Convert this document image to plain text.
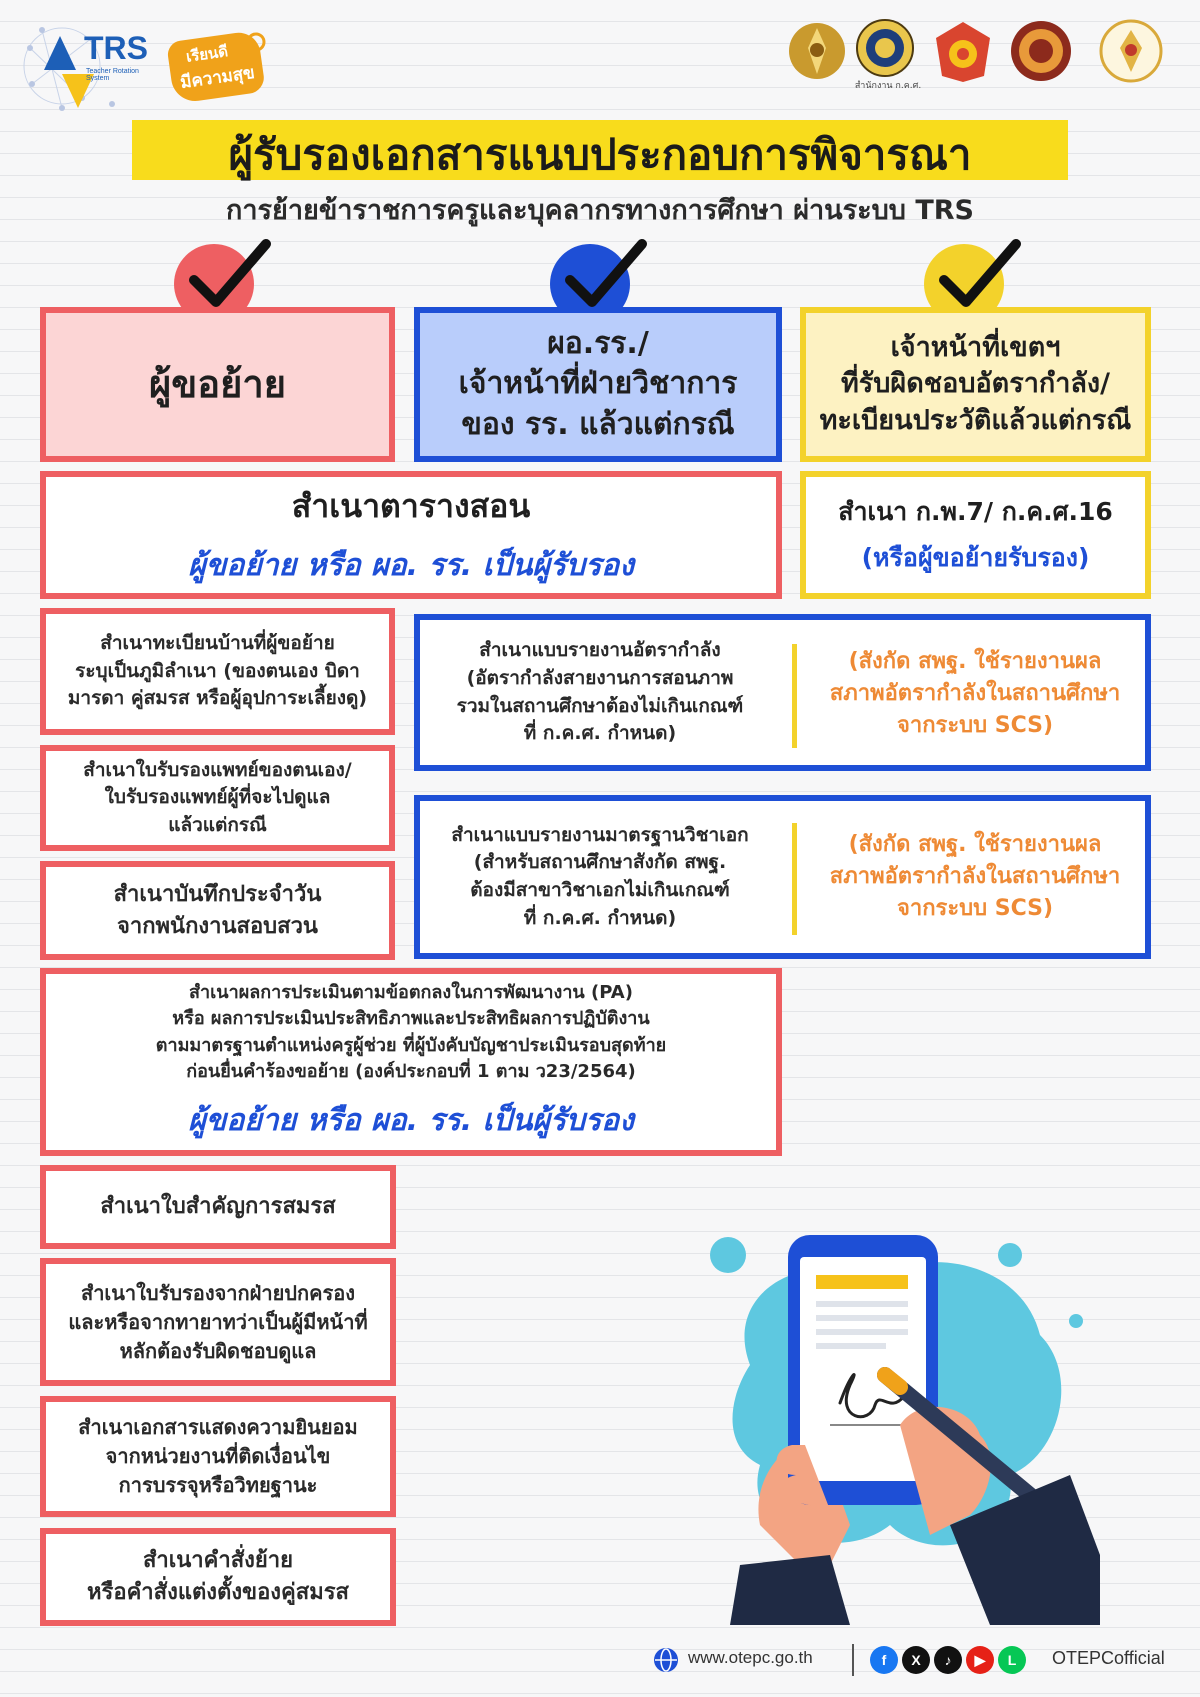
TRS
Teacher Rotation System
เรียนดี
มีความสุข	สำนักงาน ก.ค.ศ.
ผู้รับรองเอกสารแนบประกอบการพิจารณา
การย้ายข้าราชการครูและบุคลากรทางการศึกษา ผ่านระบบ TRS
ผู้ขอย้าย
ผอ.รร./
เจ้าหน้าที่ฝ่ายวิชาการ
ของ รร. แล้วแต่กรณี
เจ้าหน้าที่เขตฯ
ที่รับผิดชอบอัตรากำลัง/
ทะเบียนประวัติแล้วแต่กรณี
สำเนาตารางสอน
ผู้ขอย้าย หรือ ผอ. รร. เป็นผู้รับรอง
สำเนา ก.พ.7/ ก.ค.ศ.16
(หรือผู้ขอย้ายรับรอง)
สำเนาทะเบียนบ้านที่ผู้ขอย้าย
ระบุเป็นภูมิลำเนา (ของตนเอง บิดา
มารดา คู่สมรส หรือผู้อุปการะเลี้ยงดู)
สำเนาใบรับรองแพทย์ของตนเอง/
ใบรับรองแพทย์ผู้ที่จะไปดูแล
แล้วแต่กรณี
สำเนาบันทึกประจำวัน
จากพนักงานสอบสวน
สำเนาแบบรายงานอัตรากำลัง
(อัตรากำลังสายงานการสอนภาพ
รวมในสถานศึกษาต้องไม่เกินเกณฑ์
ที่ ก.ค.ศ. กำหนด)
(สังกัด สพฐ. ใช้รายงานผล
สภาพอัตรากำลังในสถานศึกษา
จากระบบ SCS)
สำเนาแบบรายงานมาตรฐานวิชาเอก
(สำหรับสถานศึกษาสังกัด สพฐ.
ต้องมีสาขาวิชาเอกไม่เกินเกณฑ์
ที่ ก.ค.ศ. กำหนด)
(สังกัด สพฐ. ใช้รายงานผล
สภาพอัตรากำลังในสถานศึกษา
จากระบบ SCS)
สำเนาผลการประเมินตามข้อตกลงในการพัฒนางาน (PA)
หรือ ผลการประเมินประสิทธิภาพและประสิทธิผลการปฏิบัติงาน
ตามมาตรฐานตำแหน่งครูผู้ช่วย ที่ผู้บังคับบัญชาประเมินรอบสุดท้าย
ก่อนยื่นคำร้องขอย้าย (องค์ประกอบที่ 1 ตาม ว23/2564)
ผู้ขอย้าย หรือ ผอ. รร. เป็นผู้รับรอง
สำเนาใบสำคัญการสมรส
สำเนาใบรับรองจากฝ่ายปกครอง
และหรือจากทายาทว่าเป็นผู้มีหน้าที่
หลักต้องรับผิดชอบดูแล
สำเนาเอกสารแสดงความยินยอม
จากหน่วยงานที่ติดเงื่อนไข
การบรรจุหรือวิทยฐานะ
สำเนาคำสั่งย้าย
หรือคำสั่งแต่งตั้งของคู่สมรส
www.otepc.go.th	f	X	♪	▶	L	OTEPCofficial
